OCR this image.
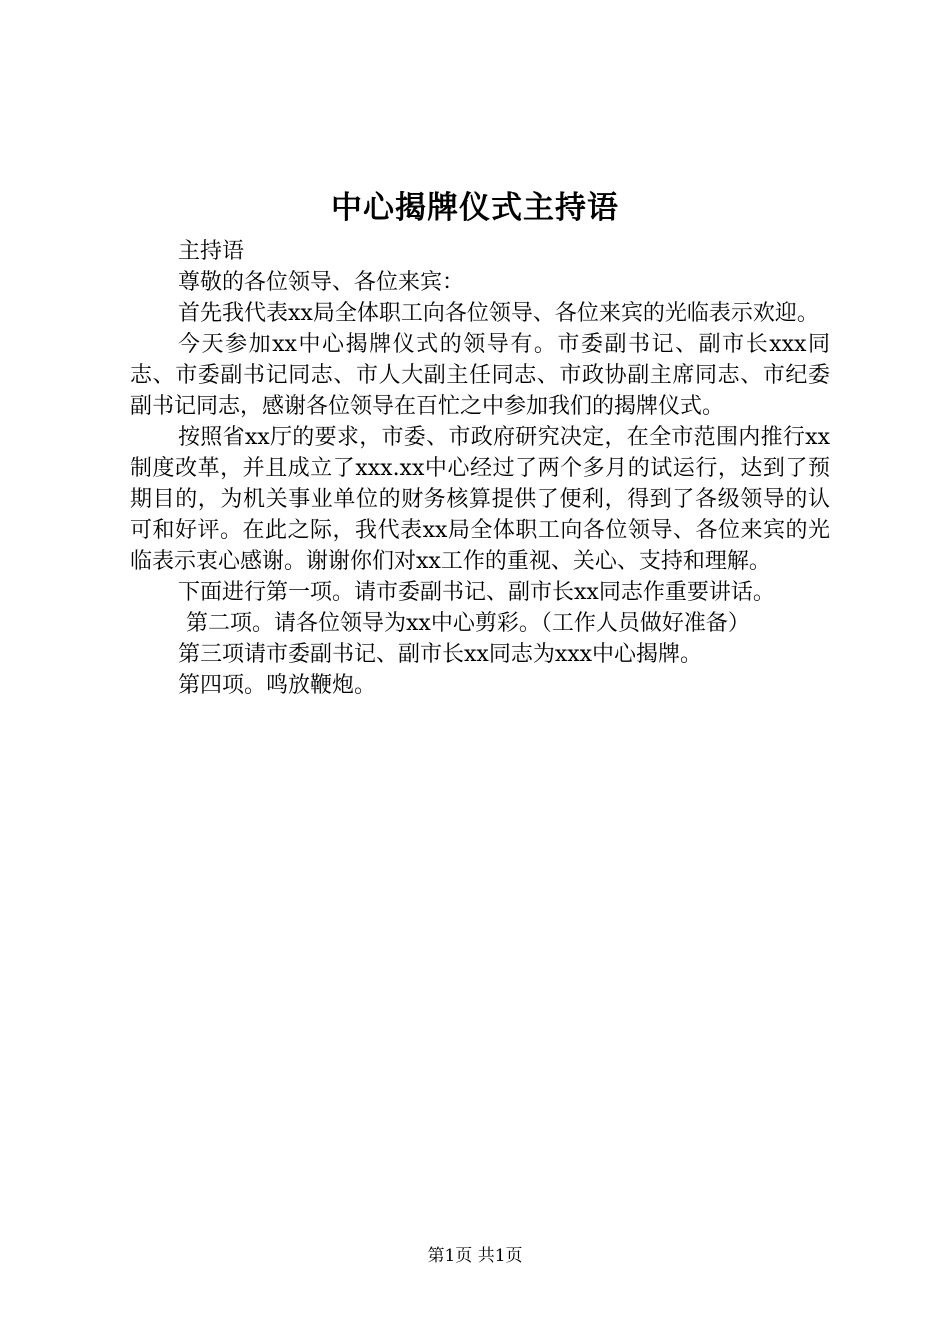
中心揭牌仪式主持语

主持语

尊敬的各位领导、各位来宾：

首先我代表xx局全体职工向各位领导、各位来宾的光临表示欢迎。

今天参加xx中心揭牌仪式的领导有。市委副书记、副市长xxx同志、市委副书记同志、市人大副主任同志、市政协副主席同志、市纪委副书记同志，感谢各位领导在百忙之中参加我们的揭牌仪式。

按照省xx厅的要求，市委、市政府研究决定，在全市范围内推行xx制度改革，并且成立了xxx.xx中心经过了两个多月的试运行，达到了预期目的，为机关事业单位的财务核算提供了便利，得到了各级领导的认可和好评。在此之际，我代表xx局全体职工向各位领导、各位来宾的光临表示衷心感谢。谢谢你们对xx工作的重视、关心、支持和理解。

下面进行第一项。请市委副书记、副市长xx同志作重要讲话。

第二项。请各位领导为xx中心剪彩。（工作人员做好准备）

第三项请市委副书记、副市长xx同志为xxx中心揭牌。

第四项。鸣放鞭炮。

第1页 共1页
